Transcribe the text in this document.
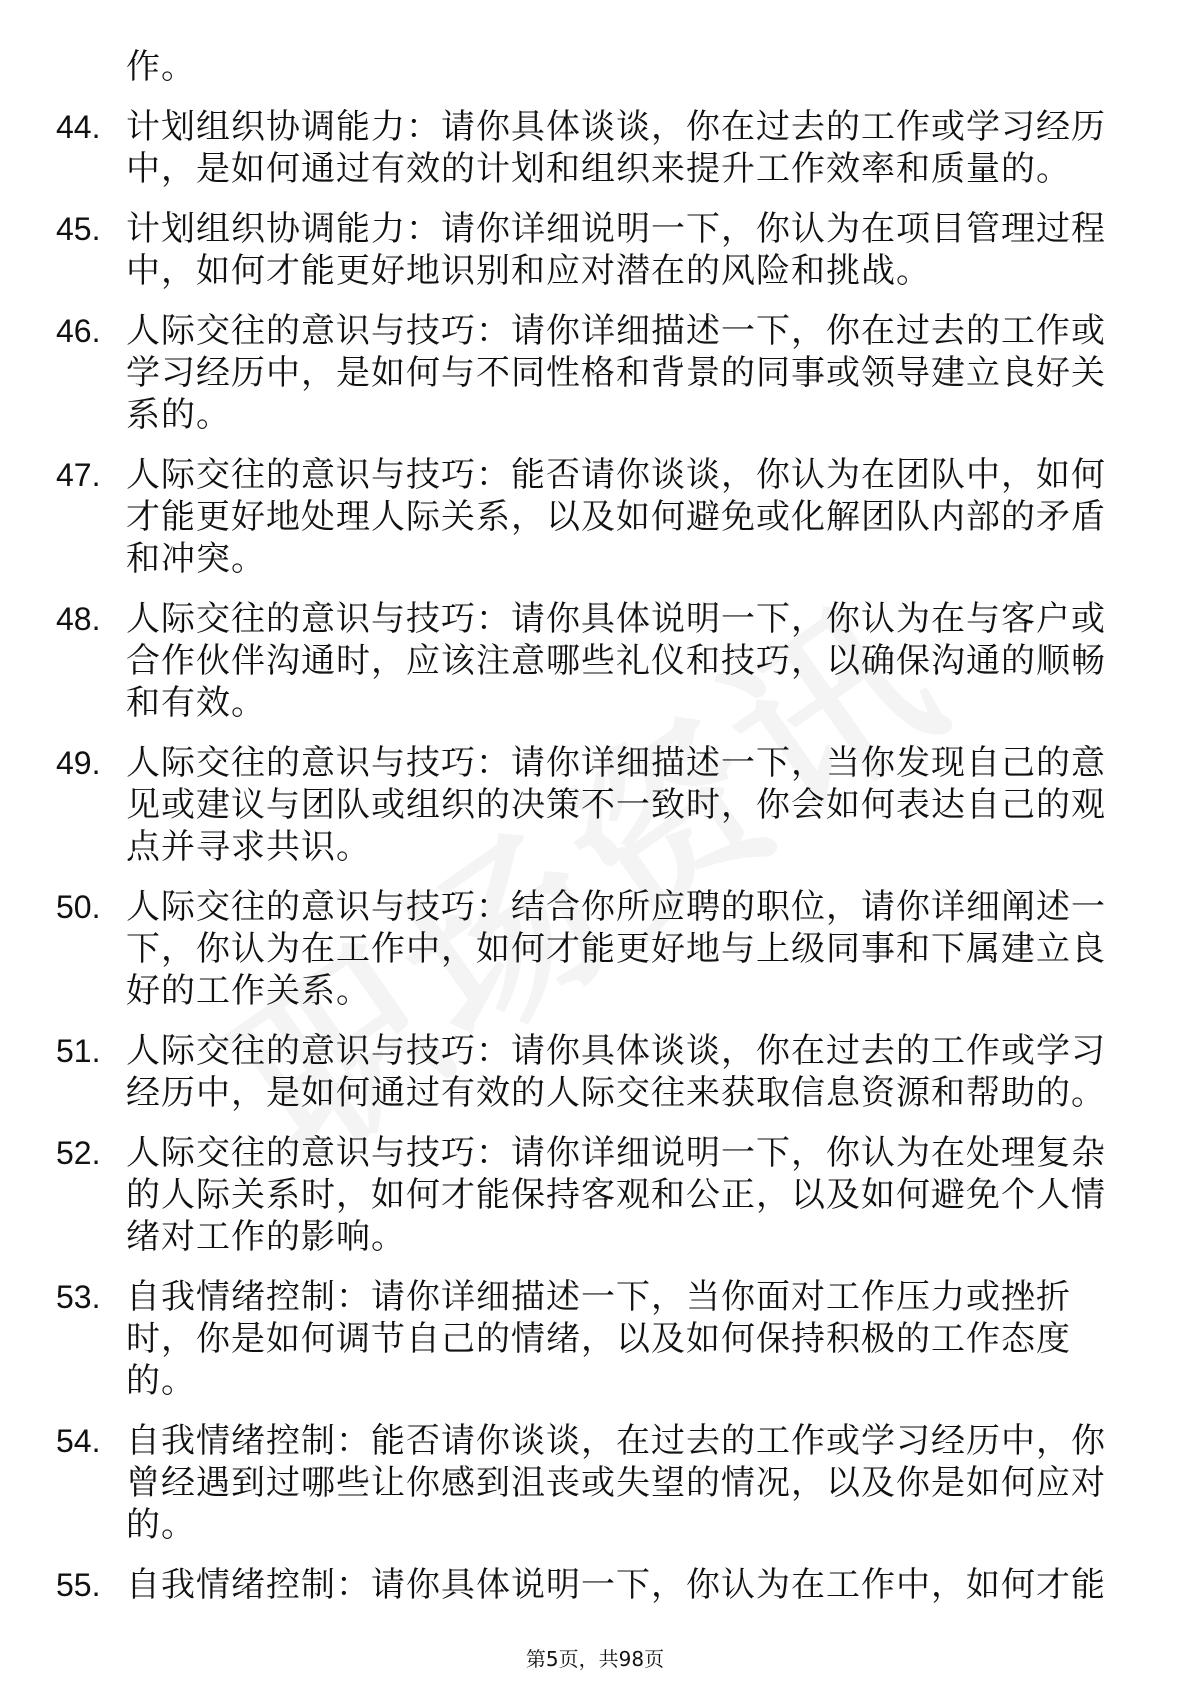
作。
44. 计划组织协调能力：请你具体谈谈，你在过去的工作或学习经历中，是如何通过有效的计划和组织来提升工作效率和质量的。
45. 计划组织协调能力：请你详细说明一下，你认为在项目管理过程中，如何才能更好地识别和应对潜在的风险和挑战。
46. 人际交往的意识与技巧：请你详细描述一下，你在过去的工作或学习经历中，是如何与不同性格和背景的同事或领导建立良好关系的。
47. 人际交往的意识与技巧：能否请你谈谈，你认为在团队中，如何才能更好地处理人际关系，以及如何避免或化解团队内部的矛盾和冲突。
48. 人际交往的意识与技巧：请你具体说明一下，你认为在与客户或合作伙伴沟通时，应该注意哪些礼仪和技巧，以确保沟通的顺畅和有效。
49. 人际交往的意识与技巧：请你详细描述一下，当你发现自己的意见或建议与团队或组织的决策不一致时，你会如何表达自己的观点并寻求共识。
50. 人际交往的意识与技巧：结合你所应聘的职位，请你详细阐述一下，你认为在工作中，如何才能更好地与上级同事和下属建立良好的工作关系。
51. 人际交往的意识与技巧：请你具体谈谈，你在过去的工作或学习经历中，是如何通过有效的人际交往来获取信息资源和帮助的。
52. 人际交往的意识与技巧：请你详细说明一下，你认为在处理复杂的人际关系时，如何才能保持客观和公正，以及如何避免个人情绪对工作的影响。
53. 自我情绪控制：请你详细描述一下，当你面对工作压力或挫折时，你是如何调节自己的情绪，以及如何保持积极的工作态度的。
54. 自我情绪控制：能否请你谈谈，在过去的工作或学习经历中，你曾经遇到过哪些让你感到沮丧或失望的情况，以及你是如何应对的。
55. 自我情绪控制：请你具体说明一下，你认为在工作中，如何才能
第5页，共98页
